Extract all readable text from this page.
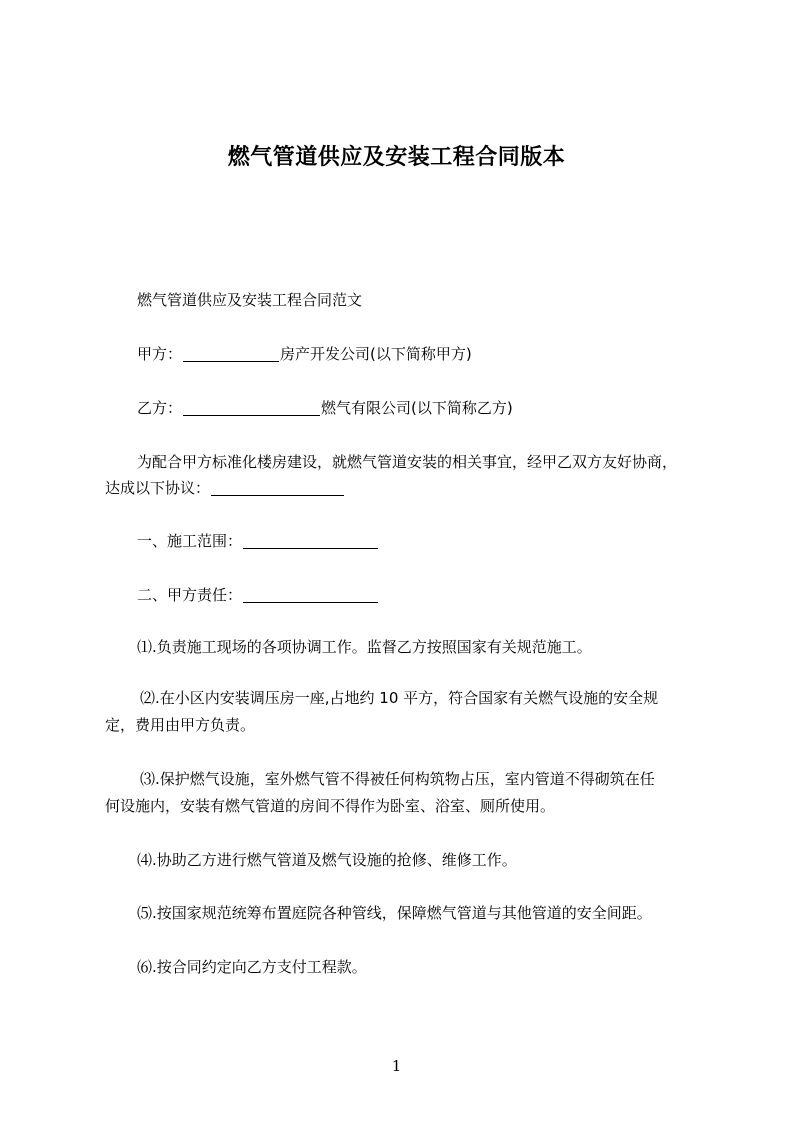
燃气管道供应及安装工程合同版本
燃气管道供应及安装工程合同范文
甲方：	房产开发公司(以下简称甲方)
乙方：	燃气有限公司(以下简称乙方)
为配合甲方标准化楼房建设，就燃气管道安装的相关事宜，经甲乙双方友好协商，
达成以下协议：
一、施工范围：
二、甲方责任：
⑴.负责施工现场的各项协调工作。监督乙方按照国家有关规范施工。
⑵.在小区内安装调压房一座,占地约 10 平方，符合国家有关燃气设施的安全规
定，费用由甲方负责。
⑶.保护燃气设施，室外燃气管不得被任何构筑物占压，室内管道不得砌筑在任
何设施内，安装有燃气管道的房间不得作为卧室、浴室、厕所使用。
⑷.协助乙方进行燃气管道及燃气设施的抢修、维修工作。
⑸.按国家规范统筹布置庭院各种管线，保障燃气管道与其他管道的安全间距。
⑹.按合同约定向乙方支付工程款。
1
